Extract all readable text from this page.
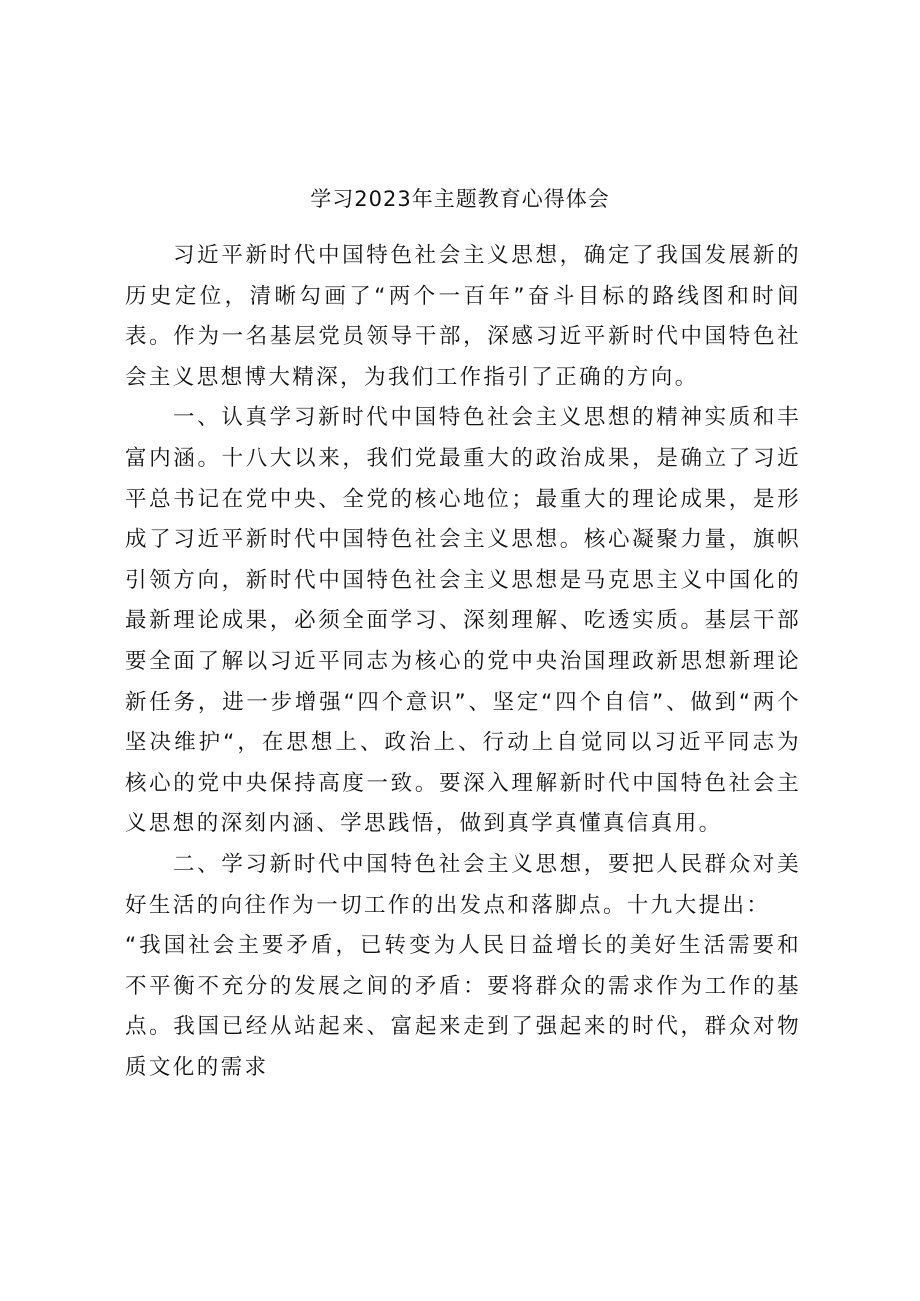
学习2023年主题教育心得体会

习近平新时代中国特色社会主义思想，确定了我国发展新的历史定位，清晰勾画了“两个一百年”奋斗目标的路线图和时间表。作为一名基层党员领导干部，深感习近平新时代中国特色社会主义思想博大精深，为我们工作指引了正确的方向。

一、认真学习新时代中国特色社会主义思想的精神实质和丰富内涵。十八大以来，我们党最重大的政治成果，是确立了习近平总书记在党中央、全党的核心地位；最重大的理论成果，是形成了习近平新时代中国特色社会主义思想。核心凝聚力量，旗帜引领方向，新时代中国特色社会主义思想是马克思主义中国化的最新理论成果，必须全面学习、深刻理解、吃透实质。基层干部要全面了解以习近平同志为核心的党中央治国理政新思想新理论新任务，进一步增强“四个意识”、坚定“四个自信”、做到“两个坚决维护“，在思想上、政治上、行动上自觉同以习近平同志为核心的党中央保持高度一致。要深入理解新时代中国特色社会主义思想的深刻内涵、学思践悟，做到真学真懂真信真用。

二、学习新时代中国特色社会主义思想，要把人民群众对美好生活的向往作为一切工作的出发点和落脚点。十九大提出：

“我国社会主要矛盾，已转变为人民日益增长的美好生活需要和不平衡不充分的发展之间的矛盾：要将群众的需求作为工作的基点。我国已经从站起来、富起来走到了强起来的时代，群众对物质文化的需求
